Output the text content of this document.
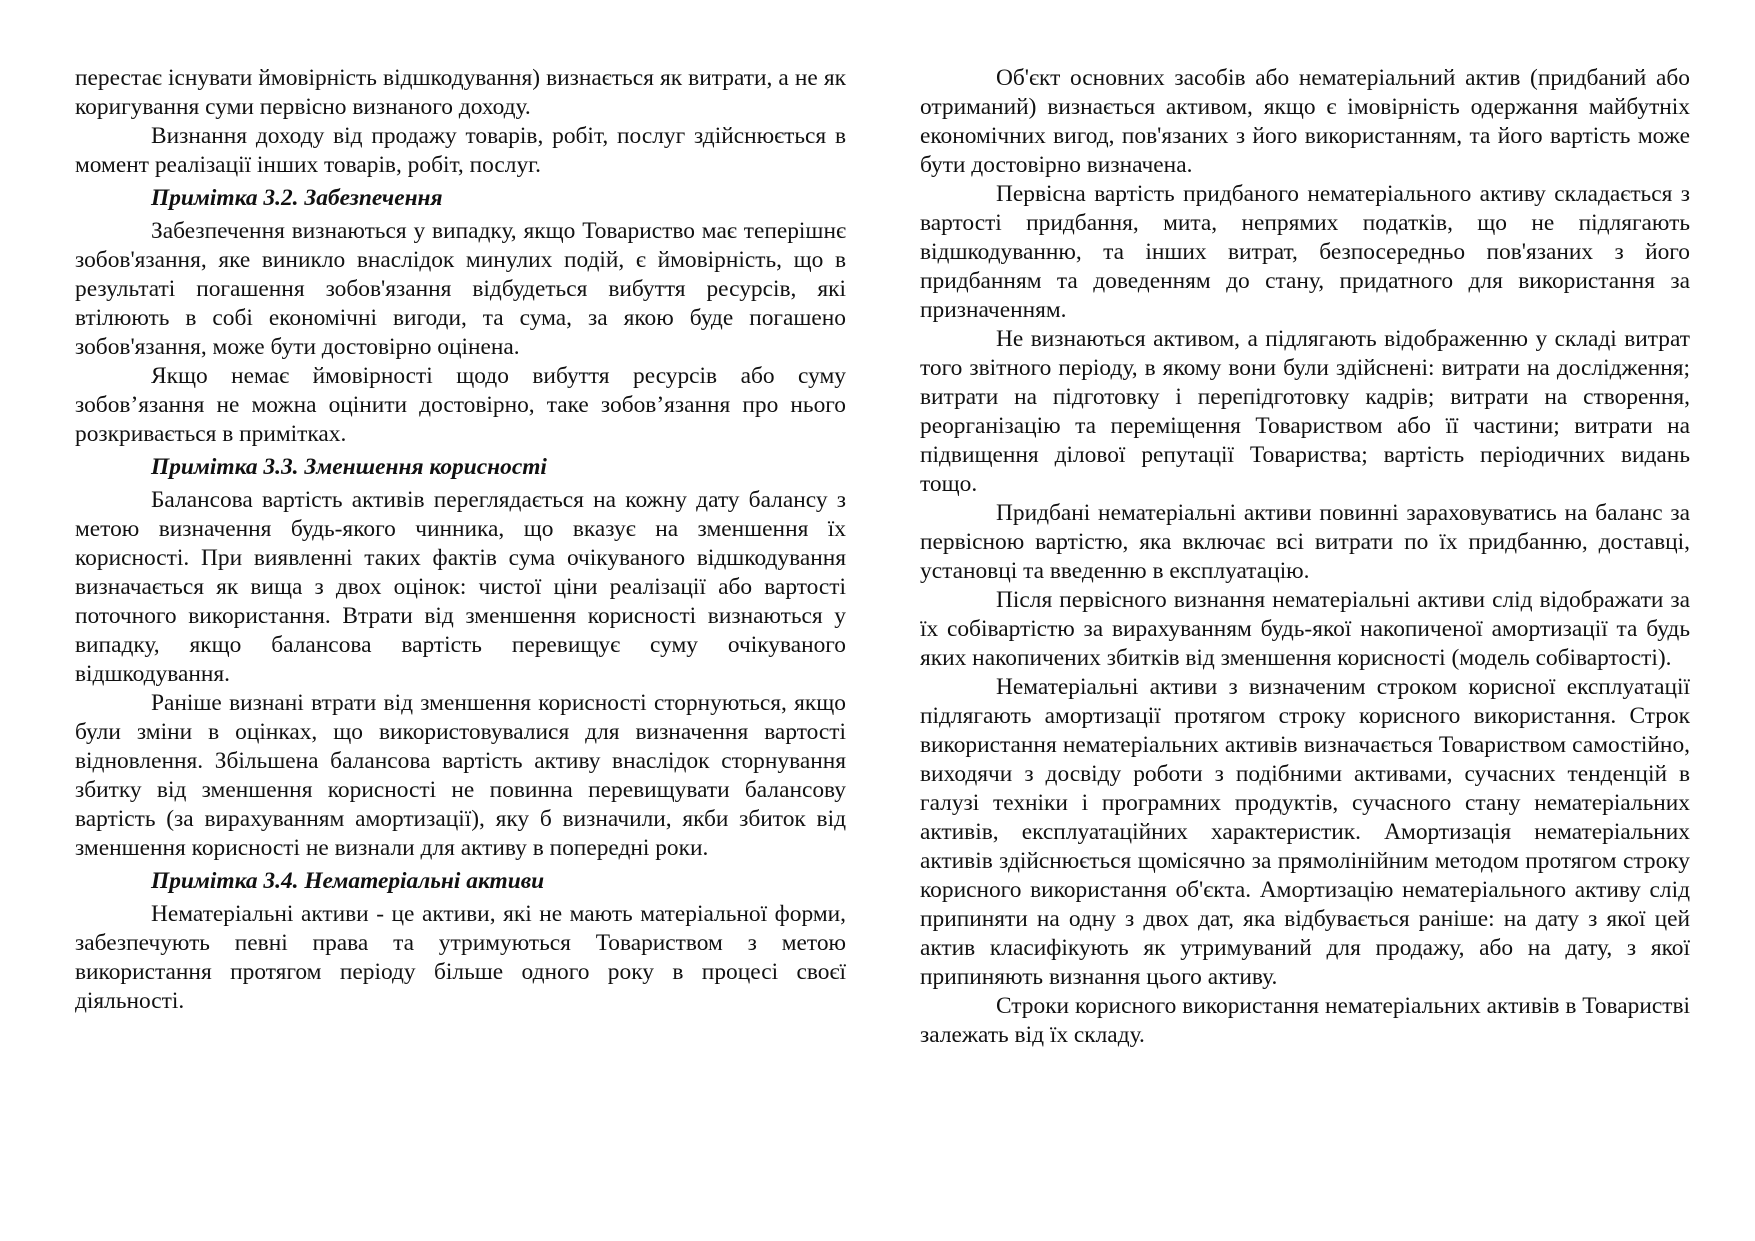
перестає існувати ймовірність відшкодування) визнається як витрати, а не як коригування суми первісно визнаного доходу.

Визнання доходу від продажу товарів, робіт, послуг здійснюється в момент реалізації інших товарів, робіт, послуг.

Примітка 3.2. Забезпечення

Забезпечення визнаються у випадку, якщо Товариство має теперішнє зобов'язання, яке виникло внаслідок минулих подій, є ймовірність, що в результаті погашення зобов'язання відбудеться вибуття ресурсів, які втілюють в собі економічні вигоди, та сума, за якою буде погашено зобов'язання, може бути достовірно оцінена.

Якщо немає ймовірності щодо вибуття ресурсів або суму зобов’язання не можна оцінити достовірно, таке зобов’язання про нього розкривається в примітках.

Примітка 3.3. Зменшення корисності

Балансова вартість активів переглядається на кожну дату балансу з метою визначення будь-якого чинника, що вказує на зменшення їх корисності. При виявленні таких фактів сума очікуваного відшкодування визначається як вища з двох оцінок: чистої ціни реалізації або вартості поточного використання. Втрати від зменшення корисності визнаються у випадку, якщо балансова вартість перевищує суму очікуваного відшкодування.

Раніше визнані втрати від зменшення корисності сторнуються, якщо були зміни в оцінках, що використовувалися для визначення вартості відновлення. Збільшена балансова вартість активу внаслідок сторнування збитку від зменшення корисності не повинна перевищувати балансову вартість (за вирахуванням амортизації), яку б визначили, якби збиток від зменшення корисності не визнали для активу в попередні роки.

Примітка 3.4. Нематеріальні активи

Нематеріальні активи - це активи, які не мають матеріальної форми, забезпечують певні права та утримуються Товариством з метою використання протягом періоду більше одного року в процесі своєї діяльності.

Об'єкт основних засобів або нематеріальний актив (придбаний або отриманий) визнається активом, якщо є імовірність одержання майбутніх економічних вигод, пов'язаних з його використанням, та його вартість може бути достовірно визначена.

Первісна вартість придбаного нематеріального активу складається з вартості придбання, мита, непрямих податків, що не підлягають відшкодуванню, та інших витрат, безпосередньо пов'язаних з його придбанням та доведенням до стану, придатного для використання за призначенням.

Не визнаються активом, а підлягають відображенню у складі витрат того звітного періоду, в якому вони були здійснені: витрати на дослідження; витрати на підготовку і перепідготовку кадрів; витрати на створення, реорганізацію та переміщення Товариством або її частини; витрати на підвищення ділової репутації Товариства; вартість періодичних видань тощо.

Придбані нематеріальні активи повинні зараховуватись на баланс за первісною вартістю, яка включає всі витрати по їх придбанню, доставці, установці та введенню в експлуатацію.

Після первісного визнання нематеріальні активи слід відображати за їх собівартістю за вирахуванням будь-якої накопиченої амортизації та будь яких накопичених збитків від зменшення корисності (модель собівартості).

Нематеріальні активи з визначеним строком корисної експлуатації підлягають амортизації протягом строку корисного використання. Строк використання нематеріальних активів визначається Товариством самостійно, виходячи з досвіду роботи з подібними активами, сучасних тенденцій в галузі техніки і програмних продуктів, сучасного стану нематеріальних активів, експлуатаційних характеристик. Амортизація нематеріальних активів здійснюється щомісячно за прямолінійним методом протягом строку корисного використання об'єкта. Амортизацію нематеріального активу слід припиняти на одну з двох дат, яка відбувається раніше: на дату з якої цей актив класифікують як утримуваний для продажу, або на дату, з якої припиняють визнання цього активу.

Строки корисного використання нематеріальних активів в Товаристві залежать від їх складу.
